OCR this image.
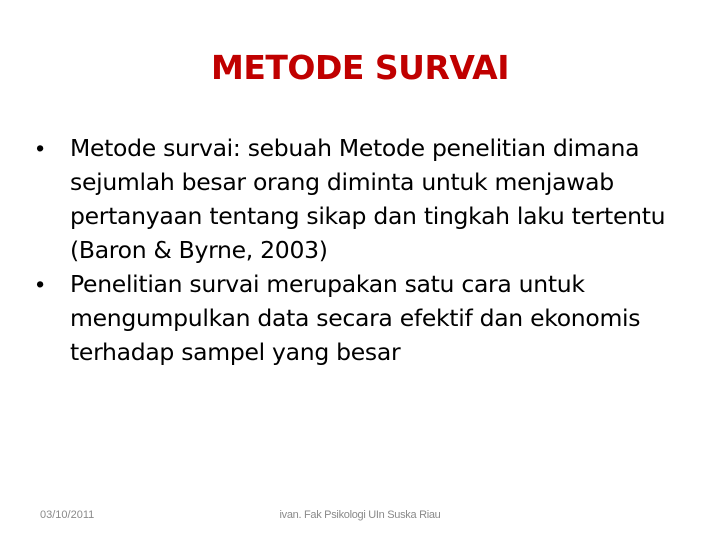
METODE SURVAI
•	Metode survai: sebuah Metode penelitian dimana sejumlah besar orang diminta untuk menjawab pertanyaan tentang sikap dan tingkah laku tertentu (Baron & Byrne, 2003)
•	Penelitian survai merupakan satu cara untuk mengumpulkan data secara efektif dan ekonomis terhadap sampel yang besar
03/10/2011	ivan. Fak Psikologi UIn Suska Riau
